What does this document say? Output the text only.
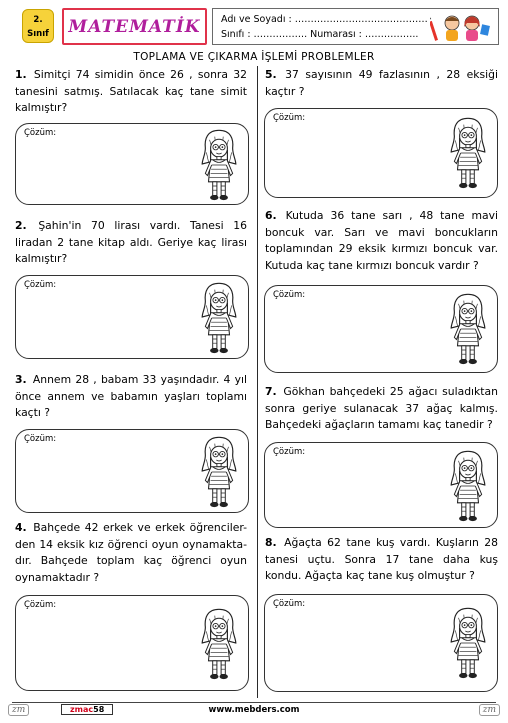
2.
Sınıf MATEMATİK Adı ve Soyadı : ……………………………………
Sınıfı : …………….. Numarası : ……………..
TOPLAMA VE ÇIKARMA İŞLEMİ PROBLEMLER
1. Simitçi 74 simidin önce 26 , sonra 32 tanesini satmış. Satılacak kaç tane simit kalmıştır?
Çözüm:
2. Şahin'in 70 lirası vardı. Tanesi 16 liradan 2 tane kitap aldı. Geriye kaç lirası kalmıştır?
Çözüm:
3. Annem 28 , babam 33 yaşındadır. 4 yıl önce annem ve babamın yaşları toplamı kaçtı ?
Çözüm:
4. Bahçede 42 erkek ve erkek öğrenciler-den 14 eksik kız öğrenci oyun oynamakta-dır. Bahçede toplam kaç öğrenci oyun oynamaktadır ?
Çözüm:
5. 37 sayısının 49 fazlasının , 28 eksiği kaçtır ?
Çözüm:
6. Kutuda 36 tane sarı , 48 tane mavi boncuk var. Sarı ve mavi boncukların toplamından 29 eksik kırmızı boncuk var. Kutuda kaç tane kırmızı boncuk vardır ?
Çözüm:
7. Gökhan bahçedeki 25 ağacı suladıktan sonra geriye sulanacak 37 ağaç kalmış. Bahçedeki ağaçların tamamı kaç tanedir ?
Çözüm:
8. Ağaçta 62 tane kuş vardı. Kuşların 28 tanesi uçtu. Sonra 17 tane daha kuş kondu. Ağaçta kaç tane kuş olmuştur ?
Çözüm:
zm	zmac58	www.mebders.com	zm
